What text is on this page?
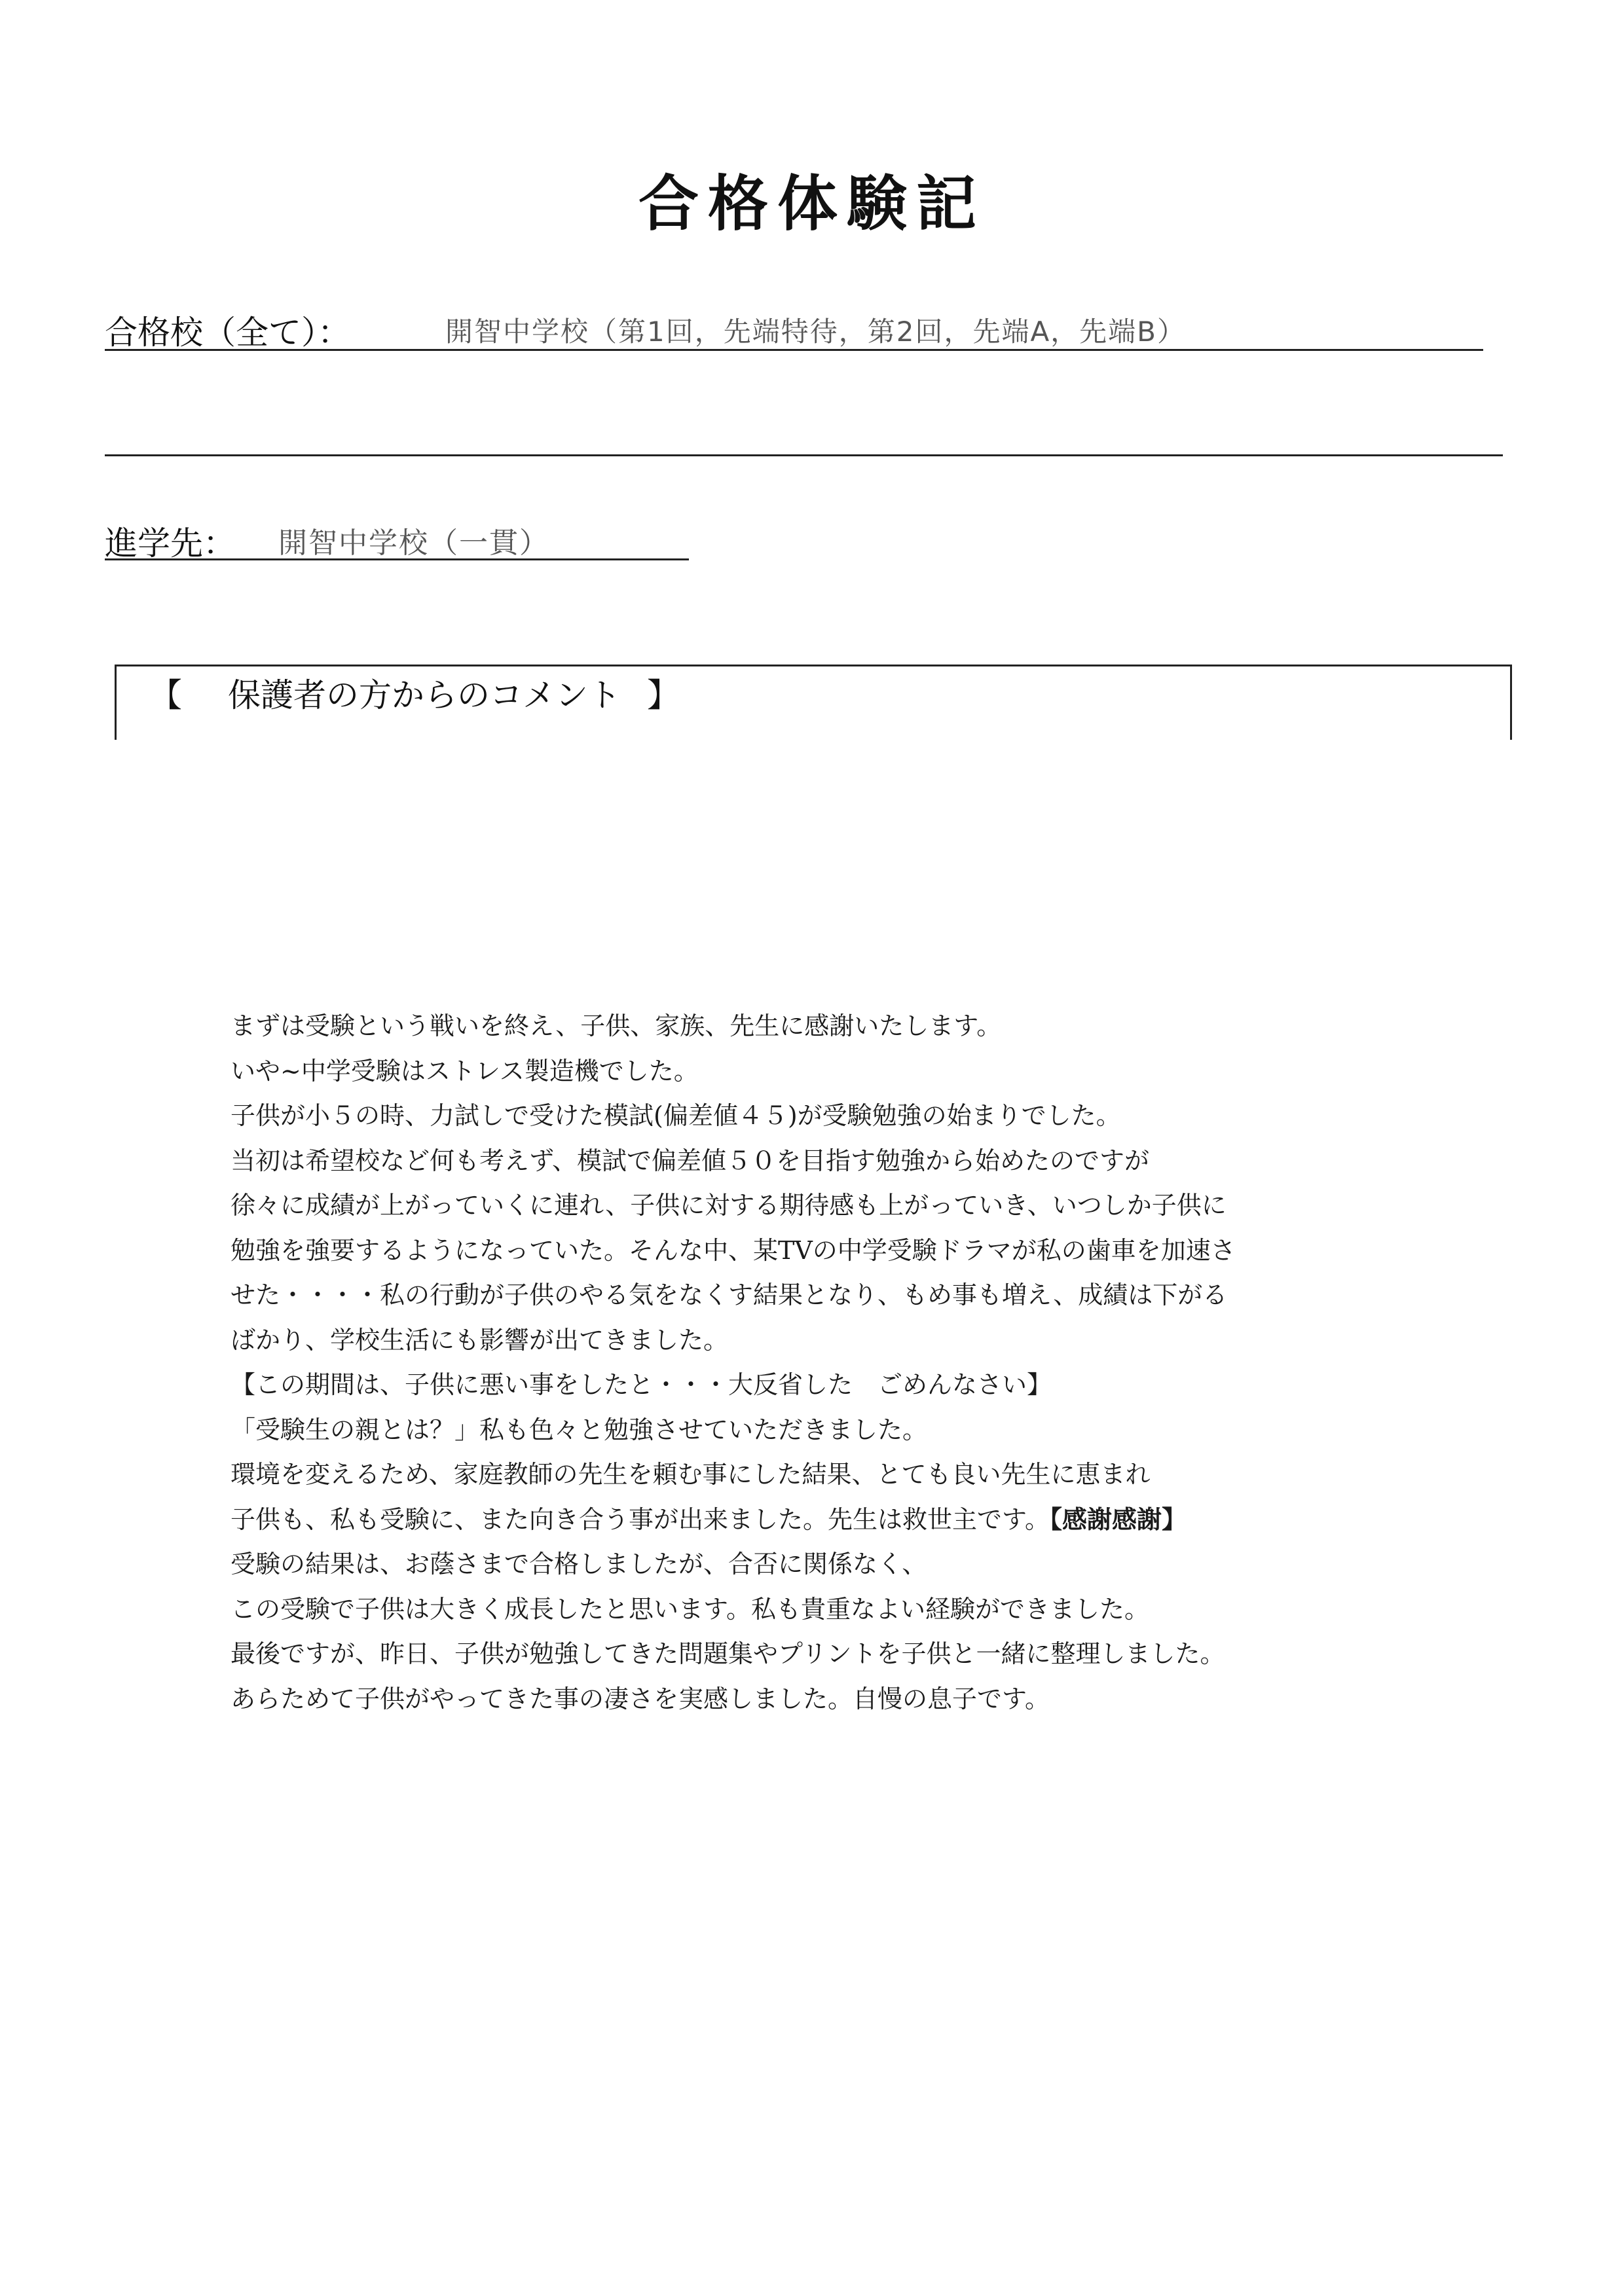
合格体験記
合格校（全て）：	開智中学校（第1回，先端特待，第2回，先端A，先端B）
進学先： 開智中学校（一貫）
【 保護者の方からのコメント 】
まずは受験という戦いを終え、子供、家族、先生に感謝いたします。
いや~中学受験はストレス製造機でした。
子供が小５の時、力試しで受けた模試(偏差値４５)が受験勉強の始まりでした。
当初は希望校など何も考えず、模試で偏差値５０を目指す勉強から始めたのですが
徐々に成績が上がっていくに連れ、子供に対する期待感も上がっていき、いつしか子供に
勉強を強要するようになっていた。そんな中、某TVの中学受験ドラマが私の歯車を加速さ
せた・・・・私の行動が子供のやる気をなくす結果となり、もめ事も増え、成績は下がる
ばかり、学校生活にも影響が出てきました。
【この期間は、子供に悪い事をしたと・・・大反省した　ごめんなさい】
「受験生の親とは？」私も色々と勉強させていただきました。
環境を変えるため、家庭教師の先生を頼む事にした結果、とても良い先生に恵まれ
子供も、私も受験に、また向き合う事が出来ました。先生は救世主です。【感謝感謝】
受験の結果は、お蔭さまで合格しましたが、合否に関係なく、
この受験で子供は大きく成長したと思います。私も貴重なよい経験ができました。
最後ですが、昨日、子供が勉強してきた問題集やプリントを子供と一緒に整理しました。
あらためて子供がやってきた事の凄さを実感しました。自慢の息子です。
